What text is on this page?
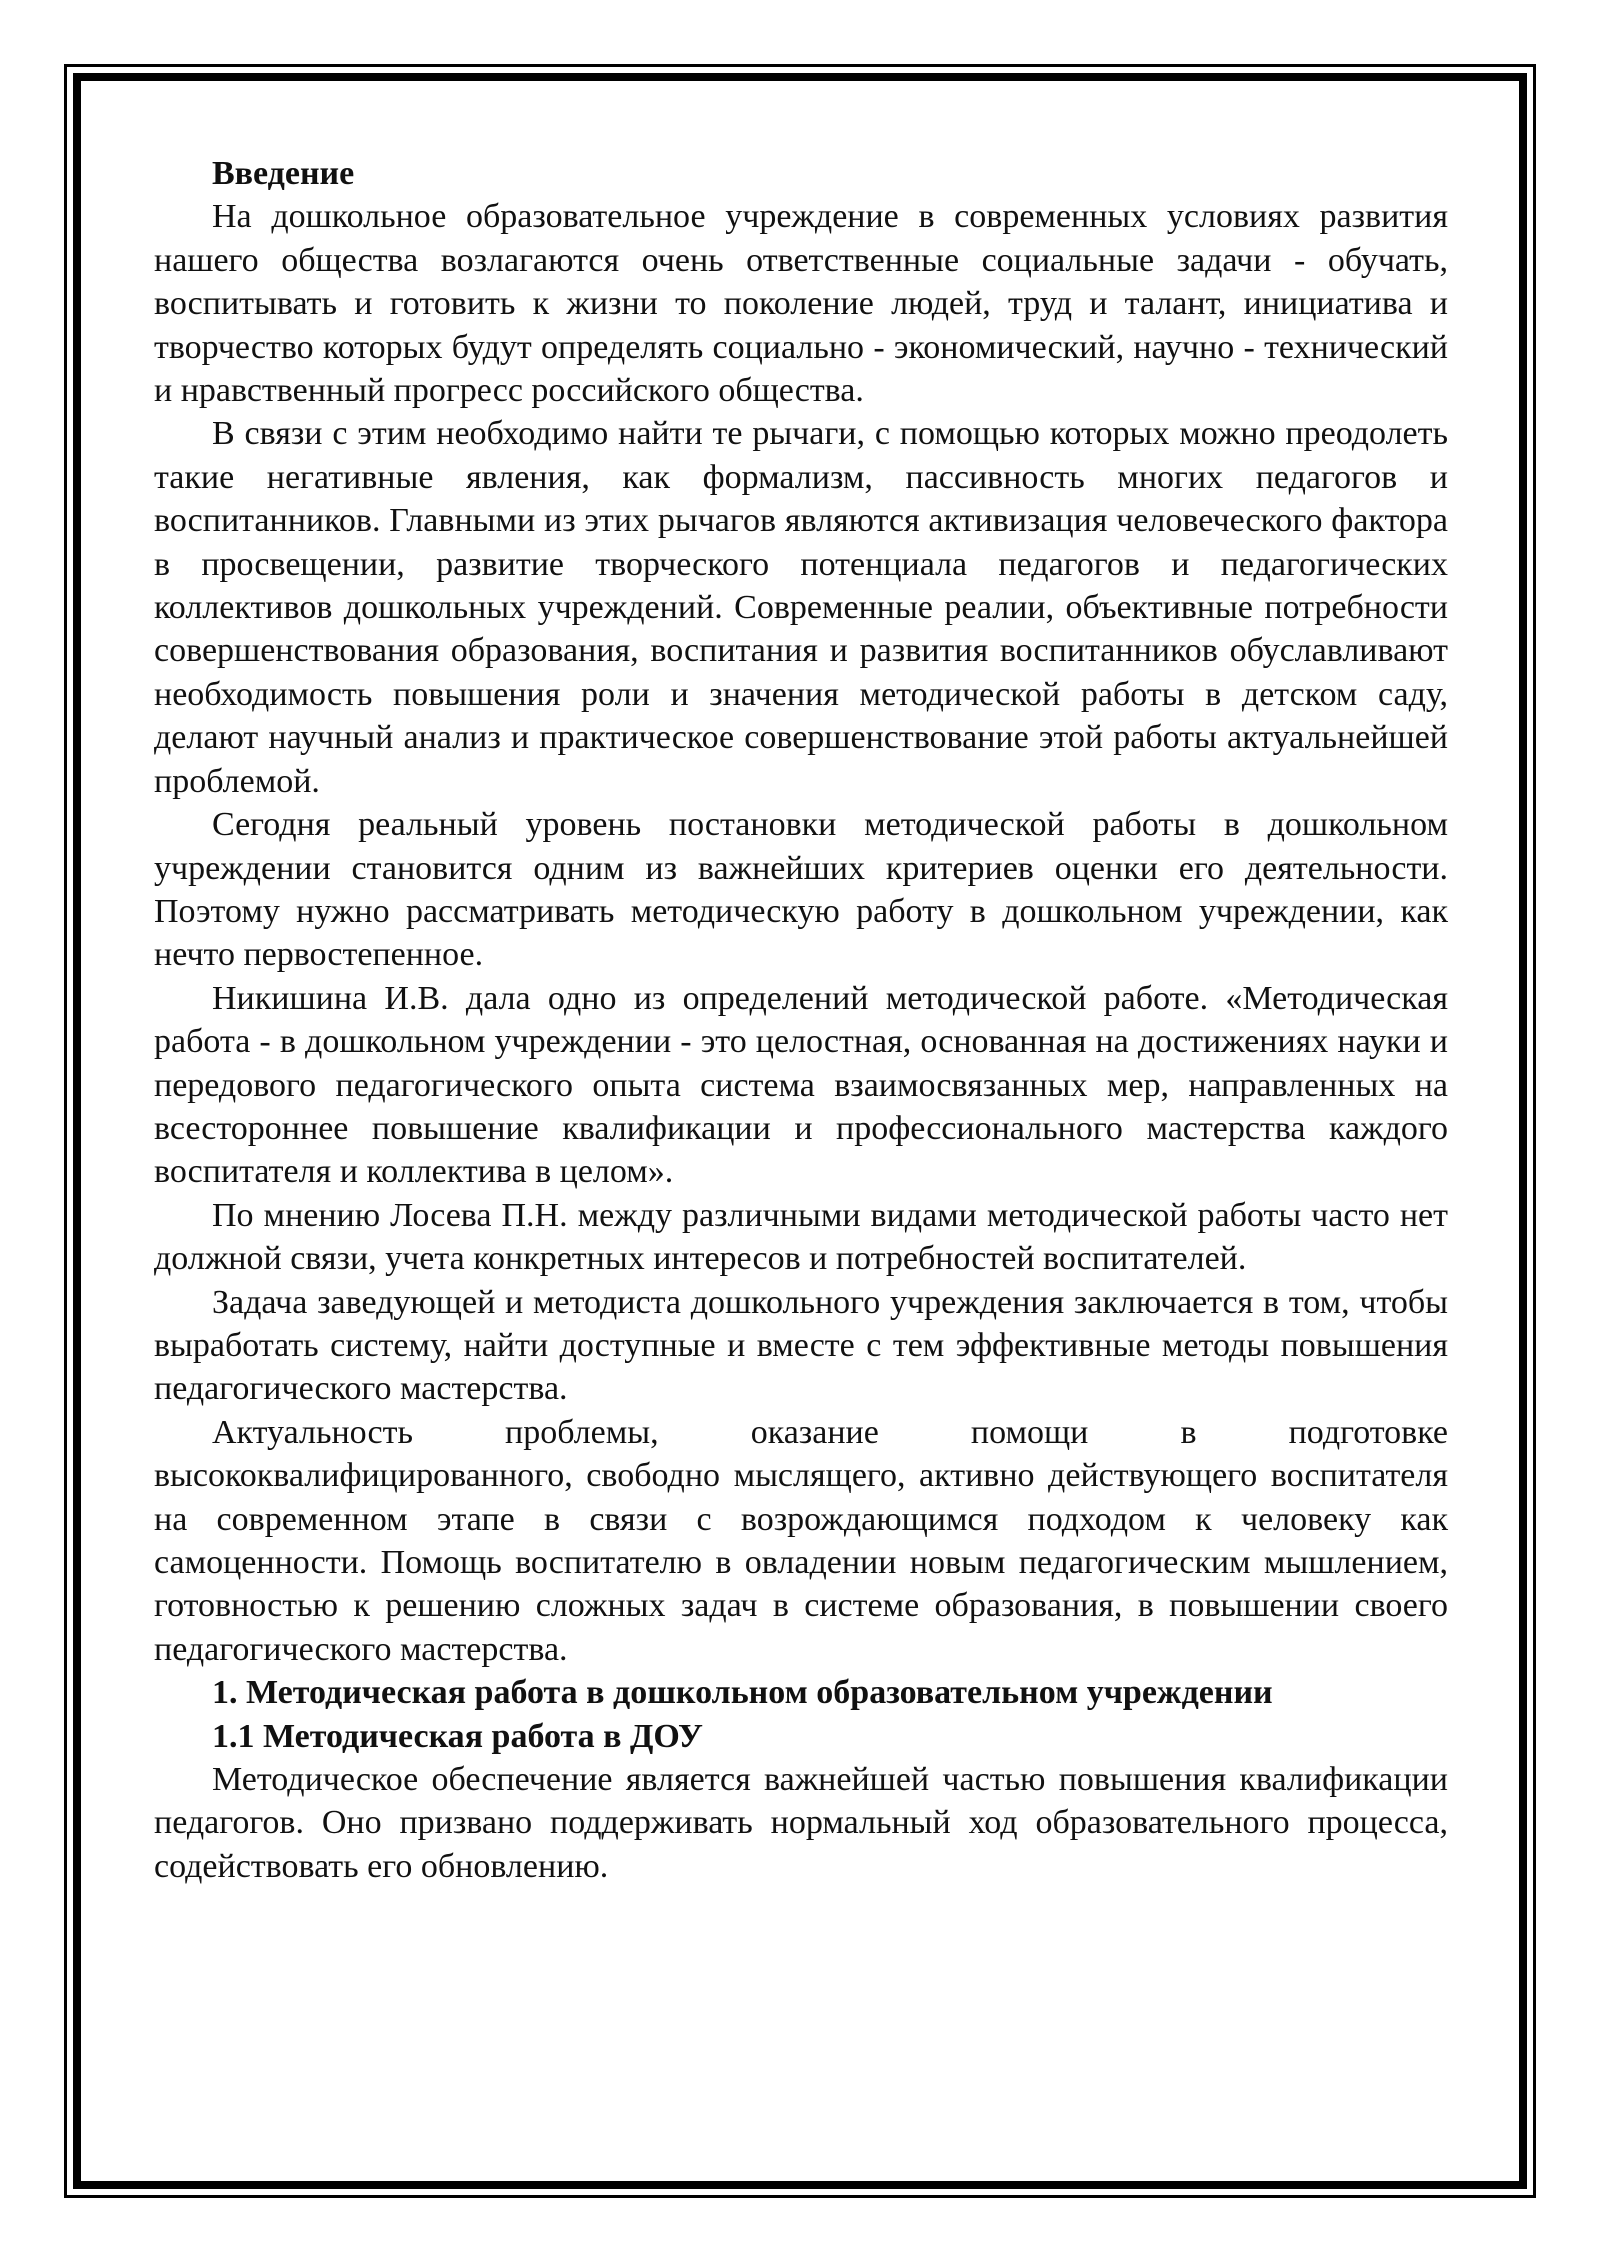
Введение

На дошкольное образовательное учреждение в современных условиях развития нашего общества возлагаются очень ответственные социальные задачи - обучать, воспитывать и готовить к жизни то поколение людей, труд и талант, инициатива и творчество которых будут определять социально - экономический, научно - технический и нравственный прогресс российского общества.

В связи с этим необходимо найти те рычаги, с помощью которых можно преодолеть такие негативные явления, как формализм, пассивность многих педагогов и воспитанников. Главными из этих рычагов являются активизация человеческого фактора в просвещении, развитие творческого потенциала педагогов и педагогических коллективов дошкольных учреждений. Современные реалии, объективные потребности совершенствования образования, воспитания и развития воспитанников обуславливают необходимость повышения роли и значения методической работы в детском саду, делают научный анализ и практическое совершенствование этой работы актуальнейшей проблемой.

Сегодня реальный уровень постановки методической работы в дошкольном учреждении становится одним из важнейших критериев оценки его деятельности. Поэтому нужно рассматривать методическую работу в дошкольном учреждении, как нечто первостепенное.

Никишина И.В. дала одно из определений методической работе. «Методическая работа - в дошкольном учреждении - это целостная, основанная на достижениях науки и передового педагогического опыта система взаимосвязанных мер, направленных на всестороннее повышение квалификации и профессионального мастерства каждого воспитателя и коллектива в целом».

По мнению Лосева П.Н. между различными видами методической работы часто нет должной связи, учета конкретных интересов и потребностей воспитателей.

Задача заведующей и методиста дошкольного учреждения заключается в том, чтобы выработать систему, найти доступные и вместе с тем эффективные методы повышения педагогического мастерства.

Актуальность проблемы, оказание помощи в подготовке высококвалифицированного, свободно мыслящего, активно действующего воспитателя на современном этапе в связи с возрождающимся подходом к человеку как самоценности. Помощь воспитателю в овладении новым педагогическим мышлением, готовностью к решению сложных задач в системе образования, в повышении своего педагогического мастерства.

1. Методическая работа в дошкольном образовательном учреждении
1.1 Методическая работа в ДОУ

Методическое обеспечение является важнейшей частью повышения квалификации педагогов. Оно призвано поддерживать нормальный ход образовательного процесса, содействовать его обновлению.
